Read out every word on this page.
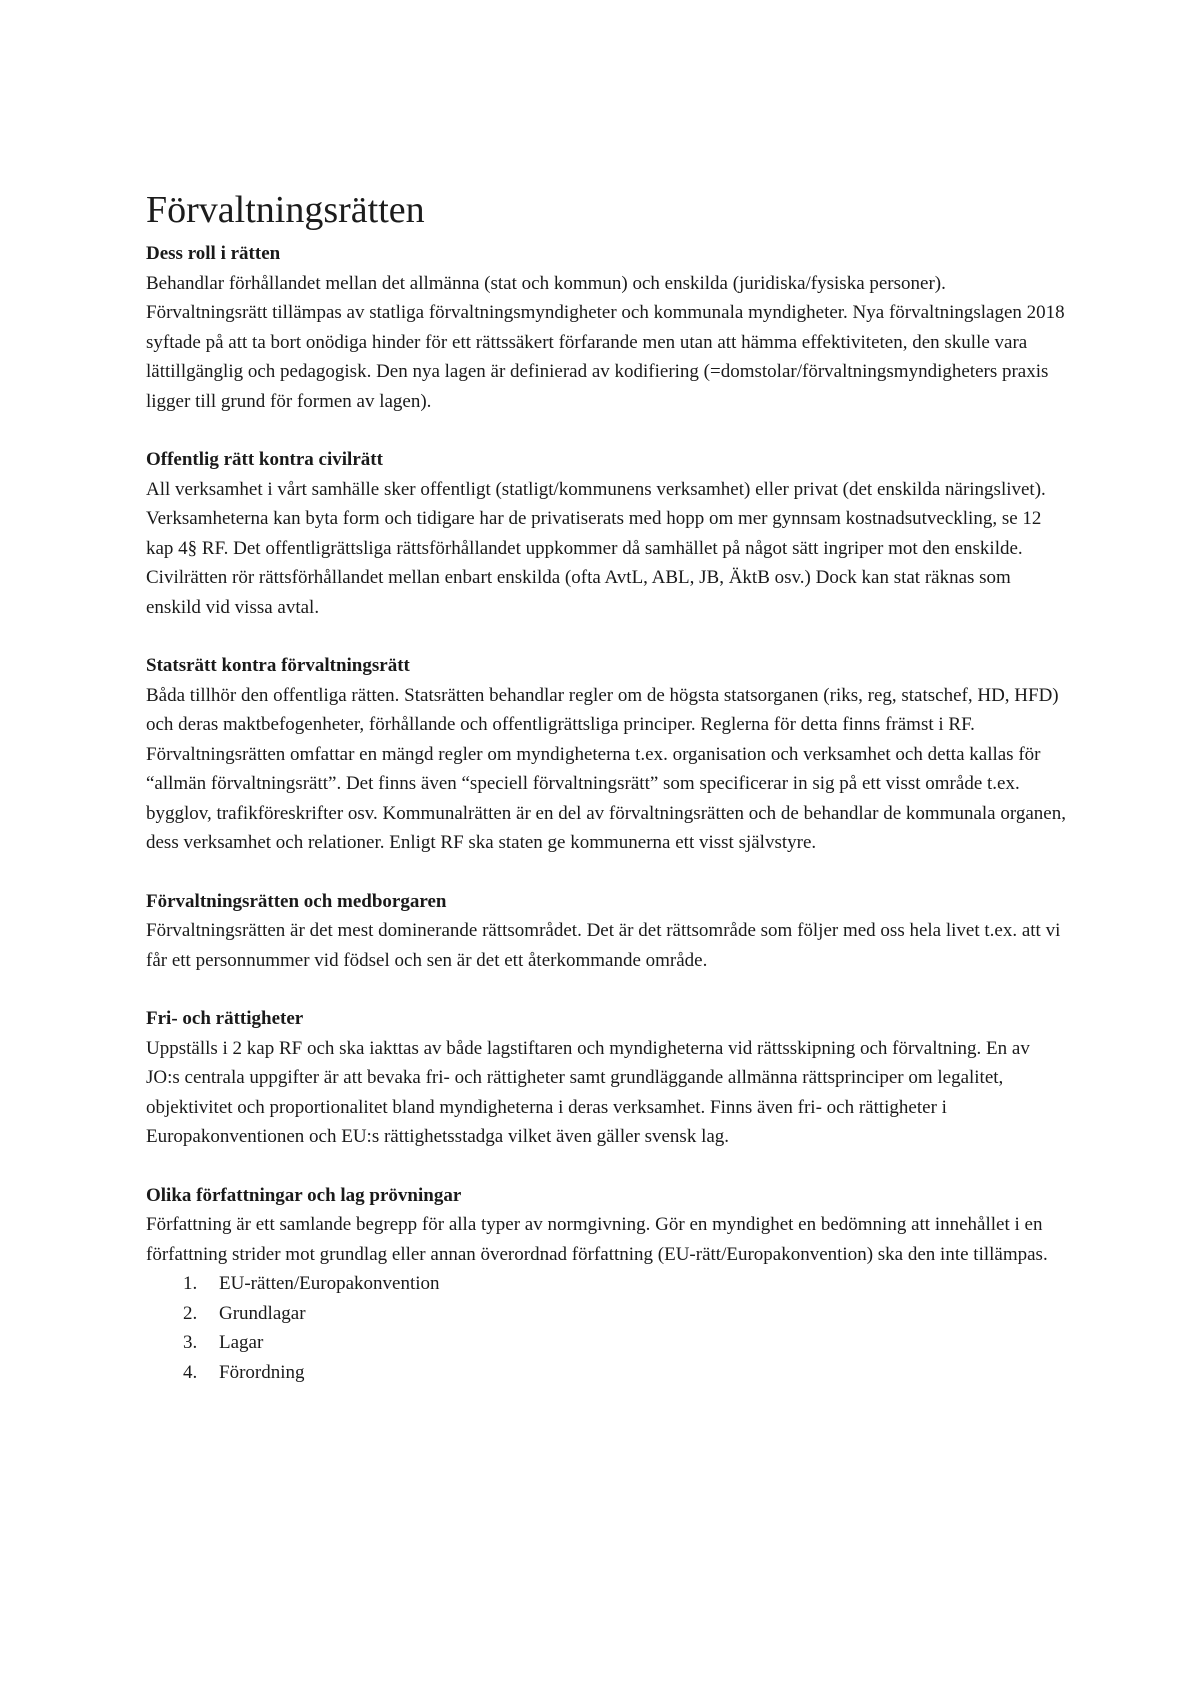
Förvaltningsrätten

Dess roll i rätten

Behandlar förhållandet mellan det allmänna (stat och kommun) och enskilda (juridiska/fysiska personer). Förvaltningsrätt tillämpas av statliga förvaltningsmyndigheter och kommunala myndigheter. Nya förvaltningslagen 2018 syftade på att ta bort onödiga hinder för ett rättssäkert förfarande men utan att hämma effektiviteten, den skulle vara lättillgänglig och pedagogisk. Den nya lagen är definierad av kodifiering (=domstolar/förvaltningsmyndigheters praxis ligger till grund för formen av lagen).

Offentlig rätt kontra civilrätt

All verksamhet i vårt samhälle sker offentligt (statligt/kommunens verksamhet) eller privat (det enskilda näringslivet). Verksamheterna kan byta form och tidigare har de privatiserats med hopp om mer gynnsam kostnadsutveckling, se 12 kap 4§ RF. Det offentligrättsliga rättsförhållandet uppkommer då samhället på något sätt ingriper mot den enskilde. Civilrätten rör rättsförhållandet mellan enbart enskilda (ofta AvtL, ABL, JB, ÄktB osv.) Dock kan stat räknas som enskild vid vissa avtal.

Statsrätt kontra förvaltningsrätt

Båda tillhör den offentliga rätten. Statsrätten behandlar regler om de högsta statsorganen (riks, reg, statschef, HD, HFD) och deras maktbefogenheter, förhållande och offentligrättsliga principer. Reglerna för detta finns främst i RF. Förvaltningsrätten omfattar en mängd regler om myndigheterna t.ex. organisation och verksamhet och detta kallas för “allmän förvaltningsrätt”. Det finns även “speciell förvaltningsrätt” som specificerar in sig på ett visst område t.ex. bygglov, trafikföreskrifter osv. Kommunalrätten är en del av förvaltningsrätten och de behandlar de kommunala organen, dess verksamhet och relationer. Enligt RF ska staten ge kommunerna ett visst självstyre.

Förvaltningsrätten och medborgaren

Förvaltningsrätten är det mest dominerande rättsområdet. Det är det rättsområde som följer med oss hela livet t.ex. att vi får ett personnummer vid födsel och sen är det ett återkommande område.

Fri- och rättigheter

Uppställs i 2 kap RF och ska iakttas av både lagstiftaren och myndigheterna vid rättsskipning och förvaltning. En av JO:s centrala uppgifter är att bevaka fri- och rättigheter samt grundläggande allmänna rättsprinciper om legalitet, objektivitet och proportionalitet bland myndigheterna i deras verksamhet. Finns även fri- och rättigheter i Europakonventionen och EU:s rättighetsstadga vilket även gäller svensk lag.

Olika författningar och lag prövningar

Författning är ett samlande begrepp för alla typer av normgivning. Gör en myndighet en bedömning att innehållet i en författning strider mot grundlag eller annan överordnad författning (EU-rätt/Europakonvention) ska den inte tillämpas.

1.	EU-rätten/Europakonvention
2.	Grundlagar
3.	Lagar
4.	Förordning
